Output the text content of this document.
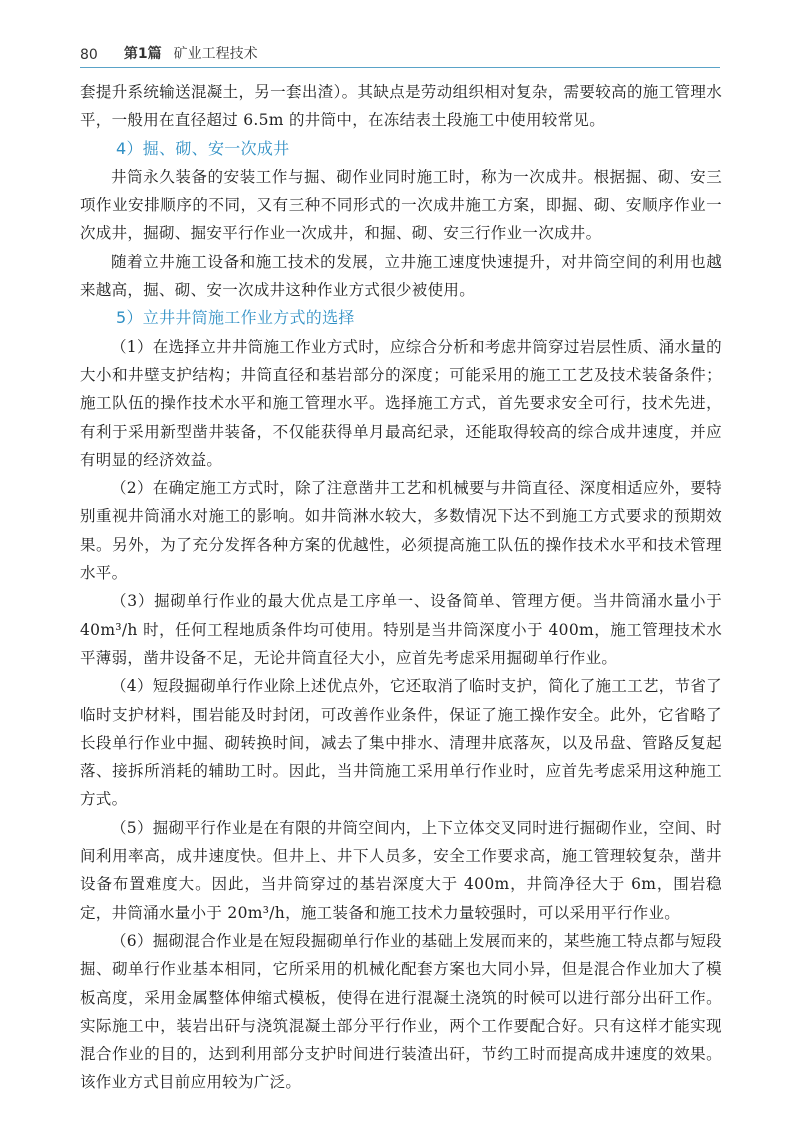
80 第1篇 矿业工程技术

套提升系统输送混凝土，另一套出渣）。其缺点是劳动组织相对复杂，需要较高的施工管理水平，一般用在直径超过 6.5m 的井筒中，在冻结表土段施工中使用较常见。

4）掘、砌、安一次成井

井筒永久装备的安装工作与掘、砌作业同时施工时，称为一次成井。根据掘、砌、安三项作业安排顺序的不同，又有三种不同形式的一次成井施工方案，即掘、砌、安顺序作业一次成井，掘砌、掘安平行作业一次成井，和掘、砌、安三行作业一次成井。

随着立井施工设备和施工技术的发展，立井施工速度快速提升，对井筒空间的利用也越来越高，掘、砌、安一次成井这种作业方式很少被使用。

5）立井井筒施工作业方式的选择

（1）在选择立井井筒施工作业方式时，应综合分析和考虑井筒穿过岩层性质、涌水量的大小和井壁支护结构；井筒直径和基岩部分的深度；可能采用的施工工艺及技术装备条件；施工队伍的操作技术水平和施工管理水平。选择施工方式，首先要求安全可行，技术先进，有利于采用新型凿井装备，不仅能获得单月最高纪录，还能取得较高的综合成井速度，并应有明显的经济效益。

（2）在确定施工方式时，除了注意凿井工艺和机械要与井筒直径、深度相适应外，要特别重视井筒涌水对施工的影响。如井筒淋水较大，多数情况下达不到施工方式要求的预期效果。另外，为了充分发挥各种方案的优越性，必须提高施工队伍的操作技术水平和技术管理水平。

（3）掘砌单行作业的最大优点是工序单一、设备简单、管理方便。当井筒涌水量小于 40m³/h 时，任何工程地质条件均可使用。特别是当井筒深度小于 400m，施工管理技术水平薄弱，凿井设备不足，无论井筒直径大小，应首先考虑采用掘砌单行作业。

（4）短段掘砌单行作业除上述优点外，它还取消了临时支护，简化了施工工艺，节省了临时支护材料，围岩能及时封闭，可改善作业条件，保证了施工操作安全。此外，它省略了长段单行作业中掘、砌转换时间，减去了集中排水、清理井底落灰，以及吊盘、管路反复起落、接拆所消耗的辅助工时。因此，当井筒施工采用单行作业时，应首先考虑采用这种施工方式。

（5）掘砌平行作业是在有限的井筒空间内，上下立体交叉同时进行掘砌作业，空间、时间利用率高，成井速度快。但井上、井下人员多，安全工作要求高，施工管理较复杂，凿井设备布置难度大。因此，当井筒穿过的基岩深度大于 400m，井筒净径大于 6m，围岩稳定，井筒涌水量小于 20m³/h，施工装备和施工技术力量较强时，可以采用平行作业。

（6）掘砌混合作业是在短段掘砌单行作业的基础上发展而来的，某些施工特点都与短段掘、砌单行作业基本相同，它所采用的机械化配套方案也大同小异，但是混合作业加大了模板高度，采用金属整体伸缩式模板，使得在进行混凝土浇筑的时候可以进行部分出矸工作。实际施工中，装岩出矸与浇筑混凝土部分平行作业，两个工作要配合好。只有这样才能实现混合作业的目的，达到利用部分支护时间进行装渣出矸，节约工时而提高成井速度的效果。该作业方式目前应用较为广泛。
